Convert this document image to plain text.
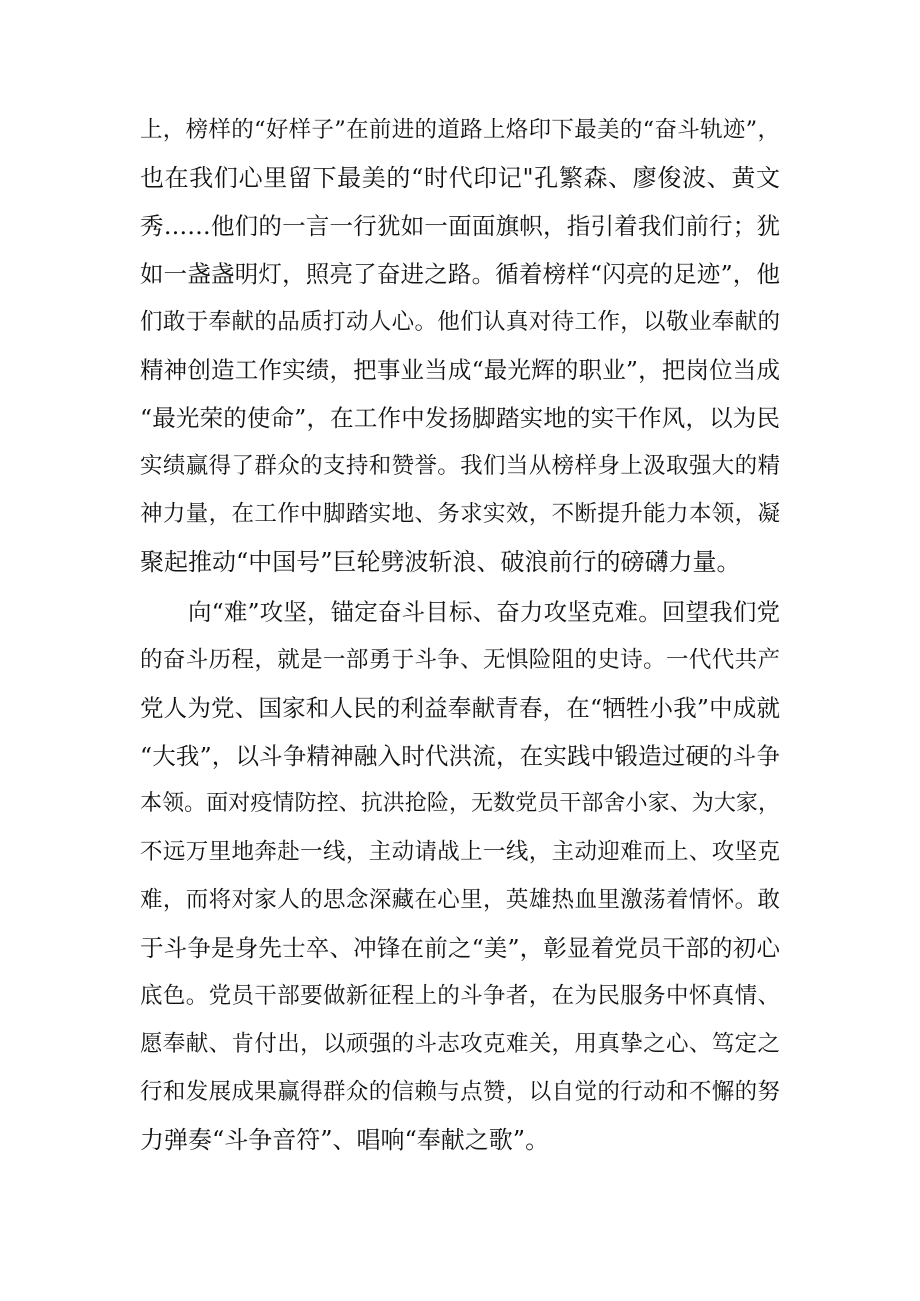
上，榜样的“好样子”在前进的道路上烙印下最美的“奋斗轨迹”，
也在我们心里留下最美的“时代印记"孔繁森、廖俊波、黄文
秀……他们的一言一行犹如一面面旗帜，指引着我们前行；犹
如一盏盏明灯，照亮了奋进之路。循着榜样“闪亮的足迹”，他
们敢于奉献的品质打动人心。他们认真对待工作，以敬业奉献的
精神创造工作实绩，把事业当成“最光辉的职业”，把岗位当成
“最光荣的使命”，在工作中发扬脚踏实地的实干作风，以为民
实绩赢得了群众的支持和赞誉。我们当从榜样身上汲取强大的精
神力量，在工作中脚踏实地、务求实效，不断提升能力本领，凝
聚起推动“中国号”巨轮劈波斩浪、破浪前行的磅礴力量。
向“难”攻坚，锚定奋斗目标、奋力攻坚克难。回望我们党
的奋斗历程，就是一部勇于斗争、无惧险阻的史诗。一代代共产
党人为党、国家和人民的利益奉献青春，在“牺牲小我”中成就
“大我”，以斗争精神融入时代洪流，在实践中锻造过硬的斗争
本领。面对疫情防控、抗洪抢险，无数党员干部舍小家、为大家，
不远万里地奔赴一线，主动请战上一线，主动迎难而上、攻坚克
难，而将对家人的思念深藏在心里，英雄热血里激荡着情怀。敢
于斗争是身先士卒、冲锋在前之“美”，彰显着党员干部的初心
底色。党员干部要做新征程上的斗争者，在为民服务中怀真情、
愿奉献、肯付出，以顽强的斗志攻克难关，用真挚之心、笃定之
行和发展成果赢得群众的信赖与点赞，以自觉的行动和不懈的努
力弹奏“斗争音符”、唱响“奉献之歌”。
